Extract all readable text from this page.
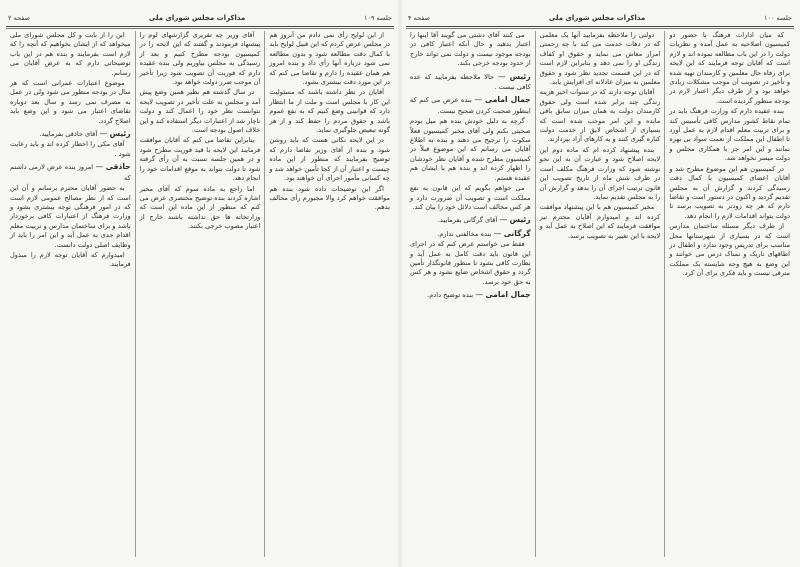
جلسه ۱۰۹
مذاکرات مجلس شورای ملی
صفحه ۲

از این لوایح رأی نمی دادم من آنروز هم در مجلس عرض کردم که این قبیل لوایح باید با کمال دقت مطالعه شود و بدون مطالعه نمی شود درباره آنها رأی داد و بنده امروز هم همان عقیده را دارم و تقاضا می کنم که در این مورد دقت بیشتری بشود.

آقایان در نظر داشته باشند که مسئولیت این کار با مجلس است و ملت از ما انتظار دارد که قوانینی وضع کنیم که به نفع عموم باشد و حقوق مردم را حفظ کند و از هر گونه تبعیض جلوگیری نماید.

در این لایحه نکاتی هست که باید روشن شود و بنده از آقای وزیر تقاضا دارم که توضیح بفرمایند که منظور از این ماده چیست و اعتبار آن از کجا تأمین خواهد شد و چه کسانی مأمور اجرای آن خواهند بود.

اگر این توضیحات داده شود بنده هم موافقت خواهم کرد والا مجبورم رأی مخالف بدهم.

آقای وزیر چه تقریری گزارشهای لوم را پیشنهاد فرمودند و گفتند که این لایحه را در کمیسیون بودجه مطرح کنیم و بعد از رسیدگی به مجلس بیاوریم ولی بنده عقیده دارم که فوریت آن تصویب شود زیرا تأخیر آن موجب ضرر دولت خواهد بود.

در سال گذشته هم نظیر همین وضع پیش آمد و مجلس به علت تأخیر در تصویب لایحه نتوانست نظر خود را اعمال کند و دولت ناچار شد از اعتبارات دیگر استفاده کند و این خلاف اصول بودجه است.

بنابراین تقاضا می کنم که آقایان موافقت فرمایند این لایحه با قید فوریت مطرح شود و در همین جلسه نسبت به آن رأی گرفته شود تا دولت بتواند به موقع اقدامات خود را انجام دهد.

اما راجع به ماده سوم که آقای مخبر اشاره کردند بنده توضیح مختصری عرض می کنم که منظور از این ماده این است که وزارتخانه ها حق نداشته باشند خارج از اعتبار مصوب خرجی بکنند.

این را از بابت و کل مجلس شورای ملی میخواهد که از ایشان بخواهیم که آنچه را که لازم است بفرمایند و بنده هم در این باب توضیحاتی دارم که به عرض آقایان می رسانم.

موضوع اعتبارات عمرانی است که هر سال در بودجه منظور می شود ولی در عمل به مصرف نمی رسد و سال بعد دوباره تقاضای اعتبار می شود و این وضع باید اصلاح گردد.

رئیس — آقای حاذقی بفرمایید.

آقای مکی را اخطار کرده اند و باید رعایت شود .

حاذقی — امروز بنده عرض لازمی داشتم که

به حضور آقایان محترم برسانم و آن این است که از نظر مصالح عمومی لازم است که در امور فرهنگی توجه بیشتری بشود و وزارت فرهنگ از اعتبارات کافی برخوردار باشد و برای ساختمان مدارس و تربیت معلم اقدام جدی به عمل آید و این امر را باید از وظایف اصلی دولت دانست.

امیدوارم که آقایان توجه لازم را مبذول فرمایند.

جلسه ۱۰۰
مذاکرات مجلس شورای ملی
صفحه ۴

که میان ادارات فرهنگ با حضور دو کمیسیون اصلاحیه به عمل آمده و نظریات دولت را در این باب مطالعه نموده اند و لازم است که آقایان توجه فرمایند که این لایحه برای رفاه حال معلمین و کارمندان تهیه شده و تأخیر در تصویب آن موجب مشکلات زیادی خواهد بود و از طرف دیگر اعتبار لازم در بودجه منظور گردیده است.

بنده عقیده دارم که وزارت فرهنگ باید در تمام نقاط کشور مدارس کافی تأسیس کند و برای تربیت معلم اقدام لازم به عمل آورد تا اطفال این مملکت از نعمت سواد بی بهره نمانند و این امر جز با همکاری مجلس و دولت میسر نخواهد شد.

در کمیسیون هم این موضوع مطرح شد و آقایان اعضای کمیسیون با کمال دقت رسیدگی کردند و گزارش آن به مجلس تقدیم گردید و اکنون در دستور است و تقاضا دارم که هر چه زودتر به تصویب برسد تا دولت بتواند اقدامات لازم را انجام دهد.

از طرف دیگر مسئله ساختمان مدارس است که در بسیاری از شهرستانها محل مناسب برای تدریس وجود ندارد و اطفال در اطاقهای تاریک و نمناک درس می خوانند و این وضع به هیچ وجه شایسته یک مملکت مترقی نیست و باید فکری برای آن کرد.

دولتی را ملاحظه بفرمایید آنها یک معلمی که در دهات خدمت می کند با چه زحمتی امرار معاش می نماید و حقوق او کفاف زندگی او را نمی دهد و بنابراین لازم است که در این قسمت تجدید نظر شود و حقوق معلمین به میزان عادلانه ای افزایش یابد.

آقایان توجه دارند که در سنوات اخیر هزینه زندگی چند برابر شده است ولی حقوق کارمندان دولت به همان میزان سابق باقی مانده و این امر موجب شده است که بسیاری از اشخاص لایق از خدمت دولت کناره گیری کنند و به کارهای آزاد بپردازند.

بنده پیشنهاد کرده ام که ماده دوم این لایحه اصلاح شود و عبارت آن به این نحو نوشته شود که وزارت فرهنگ مکلف است در ظرف شش ماه از تاریخ تصویب این قانون ترتیب اجرای آن را بدهد و گزارش آن را به مجلس تقدیم نماید.

مخبر کمیسیون هم با این پیشنهاد موافقت کرده اند و امیدوارم آقایان محترم نیز موافقت فرمایند که این اصلاح به عمل آید و لایحه با این تغییر به تصویب برسد.

می کنند آقای دشتی می گویند آقا اینها را اعتبار بدهید و حال آنکه اعتبار کافی در بودجه موجود نیست و دولت نمی تواند خارج از حدود بودجه خرجی بکند.

رئیس — حالا ملاحظه بفرمایید که عده کافی نیست .

جمال امامی — بنده عرض می کنم که اینطور صحبت کردن صحیح نیست.

گرچه به دلیل خودش بنده هم میل بودم صحبتی بکنم ولی آقای مخبر کمیسیون فعلاً سکوت را ترجیح می دهند و بنده به اطلاع آقایان می رسانم که این موضوع قبلاً در کمیسیون مطرح شده و آقایان نظر خودشان را اظهار کرده اند و بنده هم با ایشان هم عقیده هستم.

می خواهم بگویم که این قانون به نفع مملکت است و تصویب آن ضرورت دارد و هر کس مخالف است دلائل خود را بیان کند.

رئیس — آقای گرگانی بفرمایید.

گرگانی — بنده مخالفتی ندارم.

فقط می خواستم عرض کنم که در اجرای این قانون باید دقت کامل به عمل آید و نظارت کافی بشود تا منظور قانونگذار تأمین گردد و حقوق اشخاص ضایع نشود و هر کس به حق خود برسد.

جمال امامی — بنده توضیح دادم.
